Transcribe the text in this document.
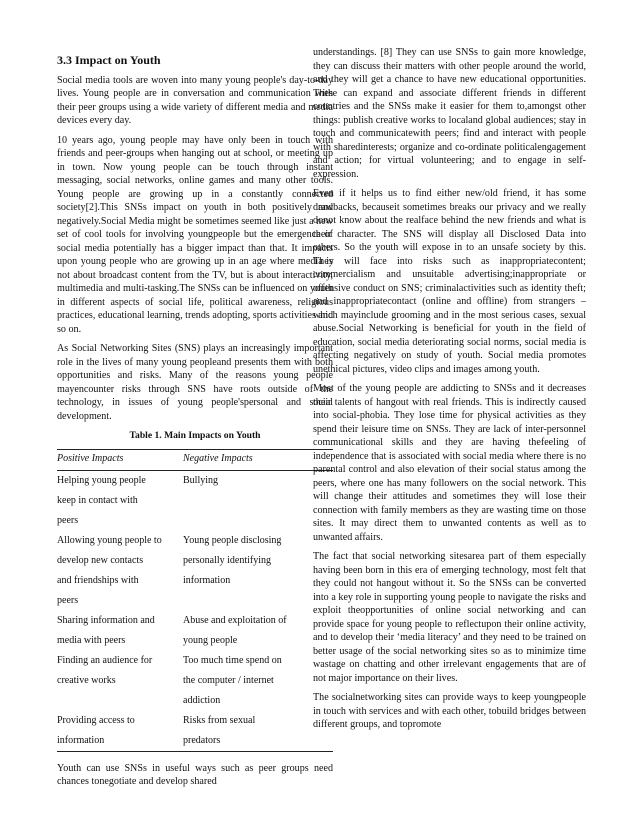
3.3 Impact on Youth

Social media tools are woven into many young people's day-to-day lives. Young people are in conversation and communication with their peer groups using a wide variety of different media and media devices every day.

10 years ago, young people may have only been in touch with friends and peer-groups when hanging out at school, or meeting up in town. Now young people can be touch through instant messaging, social networks, online games and many other tools. Young people are growing up in a constantly connected society[2].This SNSs impact on youth in both positively and negatively.Social Media might be sometimes seemed like just a new set of cool tools for involving youngpeople but the emergence of social media potentially has a bigger impact than that. It impacts upon young people who are growing up in an age where media is not about broadcast content from the TV, but is about interactivity, multimedia and multi-tasking.The SNSs can be influenced on youth in different aspects of social life, political awareness, religious practices, educational learning, trends adopting, sports activities and so on.

As Social Networking Sites (SNS) plays an increasingly important role in the lives of many young peopleand presents them with both opportunities and risks. Many of the reasons young people mayencounter risks through SNS have roots outside of the technology, in issues of young people'spersonal and social development.

Table 1. Main Impacts on Youth
Positive Impacts	Negative Impacts

Helping young people
keep in contact with
peers	Bullying

Allowing young people to
develop new contacts
and friendships with
peers	Young people disclosing
personally identifying
information

Sharing information and
media with peers	Abuse and exploitation of
young people

Finding an audience for
creative works	Too much time spend on
the computer / internet
addiction

Providing access to
information	Risks from sexual
predators

Youth can use SNSs in useful ways such as peer groups need chances tonegotiate and develop shared

understandings. [8] They can use SNSs to gain more knowledge, they can discuss their matters with other people around the world, and they will get a chance to have new educational opportunities. These can expand and associate different friends in different countries and the SNSs make it easier for them to,amongst other things: publish creative works to localand global audiences; stay in touch and communicatewith peers; find and interact with people with sharedinterests; organize and co-ordinate politicalengagement and action; for virtual volunteering; and to engage in self-expression.

Even if it helps us to find either new/old friend, it has some drawbacks, becauseit sometimes breaks our privacy and we really donot know about the realface behind the new friends and what is their character. The SNS will display all Disclosed Data into others. So the youth will expose in to an unsafe society by this. They will face into risks such as inappropriatecontent; commercialism and unsuitable advertising;inappropriate or offensive conduct on SNS; criminalactivities such as identity theft; and inappropriatecontact (online and offline) from strangers – which mayinclude grooming and in the most serious cases, sexual abuse.Social Networking is beneficial for youth in the field of education, social media deteriorating social norms, social media is affecting negatively on study of youth. Social media promotes unethical pictures, video clips and images among youth.

Most of the young people are addicting to SNSs and it decreases their talents of hangout with real friends. This is indirectly caused into social-phobia. They lose time for physical activities as they spend their leisure time on SNSs. They are lack of inter-personnel communicational skills and they are having thefeeling of independence that is associated with social media where there is no parental control and also elevation of their social status among the peers, where one has many followers on the social network. This will change their attitudes and sometimes they will lose their connection with family members as they are wasting time on those sites. It may direct them to unwanted contents as well as to unwanted affairs.

The fact that social networking sitesarea part of them especially having been born in this era of emerging technology, most felt that they could not hangout without it. So the SNSs can be converted into a key role in supporting young people to navigate the risks and exploit theopportunities of online social networking and can provide space for young people to reflectupon their online activity, and to develop their ‘media literacy’ and they need to be trained on better usage of the social networking sites so as to minimize time wastage on chatting and other irrelevant engagements that are of not major importance on their lives.

The socialnetworking sites can provide ways to keep youngpeople in touch with services and with each other, tobuild bridges between different groups, and topromote
